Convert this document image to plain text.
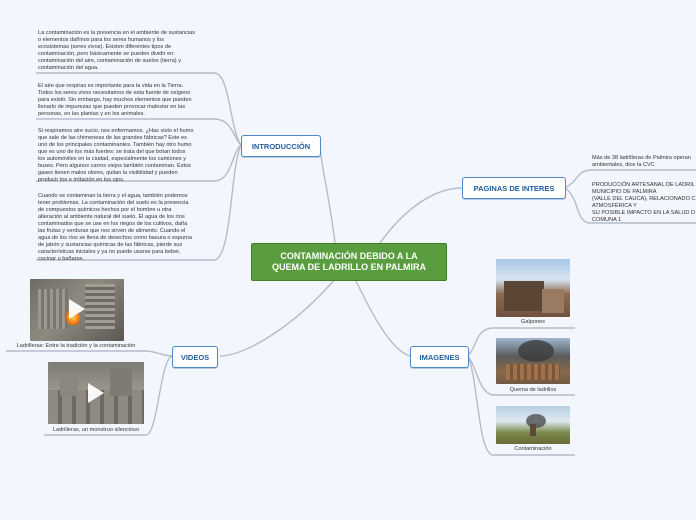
CONTAMINACIÓN DEBIDO A LA
QUEMA DE LADRILLO EN PALMIRA
INTRODUCCIÓN
La contaminación es la presencia en el ambiente de sustancias
o elementos dañinos para los seres humanos y los
ecosistemas (seres vivos). Existen diferentes tipos de
contaminación, pero básicamente se pueden dividir en:
contaminación del aire, contaminación de suelos (tierra) y
contaminación del agua.
El aire que respiras es importante para la vida en la Tierra.
Todos los seres vivos necesitamos de esta fuente de oxígeno
para existir. Sin embargo, hay muchos elementos que pueden
llenarlo de impurezas que pueden provocar malestar en las
personas, en las plantas y en los animales.
Si respiramos aire sucio, nos enfermamos. ¿Has visto el humo
que sale de las chimeneas de las grandes fábricas? Este es
uno de los principales contaminantes. También hay otro humo
que es uno de los más fuertes: se trata del que botan todos
los automóviles en la ciudad, especialmente los camiones y
buses. Pero algunos carros viejos también contaminan. Estos
gases tienen malos olores, quitan la visibilidad y pueden
producir tos e irritación en los ojos.
Cuando se contaminan la tierra y el agua, también podemos
tener problemas. La contaminación del suelo es la presencia
de compuestos químicos hechos por el hombre u otra
alteración al ambiente natural del suelo. El agua de los ríos
contaminados que se use en los riegos de los cultivos, daña
las frutas y verduras que nos sirven de alimento. Cuando el
agua de los ríos se llena de desechos como basura o espuma
de jabón y sustancias químicas de las fábricas, pierde sus
características iniciales y ya no puede usarse para beber,
cocinar o bañarse.
PAGINAS DE INTERES
Más de 38 ladrilleras de Palmira operan
ambientales, dice la CVC
PRODUCCIÓN ARTESANAL DE LADRIL
MUNICIPIO DE PALMIRA
(VALLE DEL CAUCA), RELACIONADO C
ATMOSFÉRICA Y
SU POSIBLE IMPACTO EN LA SALUD D
COMUNA 1
VIDEOS
Ladrilleras: Entre la tradición y la contaminación
Ladrilleras, un monstruo silencioso
IMAGENES
Galpones
Quema de ladrillos
Contaminación
